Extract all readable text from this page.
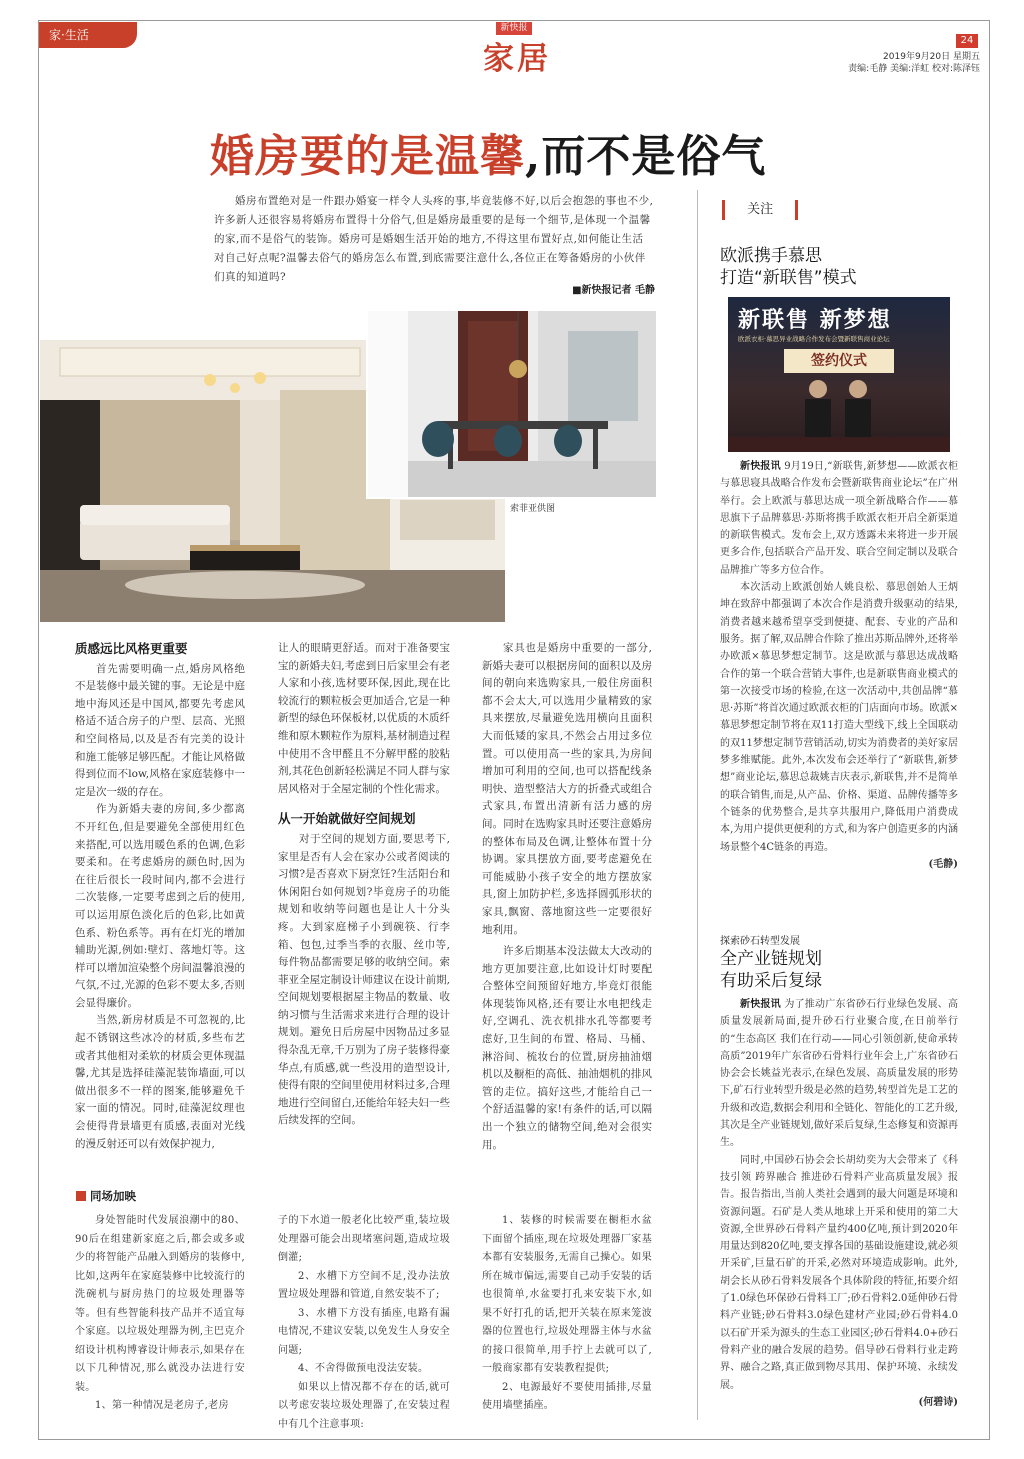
家·生活	新快报
家居
24
2019年9月20日 星期五
责编:毛静 美编:洋虹 校对:陈泽钰
婚房要的是温馨,而不是俗气
婚房布置绝对是一件跟办婚宴一样令人头疼的事,毕竟装修不好,以后会抱怨的事也不少,许多新人还很容易将婚房布置得十分俗气,但是婚房最重要的是每一个细节,是体现一个温馨的家,而不是俗气的装饰。婚房可是婚姻生活开始的地方,不得这里布置好点,如何能让生活对自己好点呢?温馨去俗气的婚房怎么布置,到底需要注意什么,各位正在筹备婚房的小伙伴们真的知道吗?
■新快报记者 毛静
索菲亚供图
质感远比风格更重要

首先需要明确一点,婚房风格绝不是装修中最关键的事。无论是中庭地中海风还是中国风,都要先考虑风格适不适合房子的户型、层高、光照和空间格局,以及是否有完美的设计和施工能够足够匹配。才能让风格做得到位而不low,风格在家庭装修中一定是次一级的存在。

作为新婚夫妻的房间,多少都离不开红色,但是要避免全部使用红色来搭配,可以选用暖色系的色调,色彩要柔和。在考虑婚房的颜色时,因为在往后很长一段时间内,都不会进行二次装修,一定要考虑到之后的使用,可以运用原色淡化后的色彩,比如黄色系、粉色系等。再有在灯光的增加辅助光源,例如:壁灯、落地灯等。这样可以增加渲染整个房间温馨浪漫的气氛,不过,光源的色彩不要太多,否则会显得廉价。

当然,新房材质是不可忽视的,比起不锈钢这些冰冷的材质,多些布艺或者其他相对柔软的材质会更体现温馨,尤其是选择硅藻泥装饰墙面,可以做出很多不一样的图案,能够避免千家一面的情况。同时,硅藻泥纹理也会使得背景墙更有质感,表面对光线的漫反射还可以有效保护视力,

让人的眼睛更舒适。而对于准备要宝宝的新婚夫妇,考虑到日后家里会有老人家和小孩,选材要环保,因此,现在比较流行的颗粒板会更加适合,它是一种新型的绿色环保板材,以优质的木质纤维和原木颗粒作为原料,基材制造过程中使用不含甲醛且不分解甲醛的胶粘剂,其花色创新轻松满足不同人群与家居风格对于全屋定制的个性化需求。

从一开始就做好空间规划

对于空间的规划方面,要思考下,家里是否有人会在家办公或者阅读的习惯?是否喜欢下厨烹饪?生活阳台和休闲阳台如何规划?毕竟房子的功能规划和收纳等问题也是让人十分头疼。大到家庭梯子小到碗筷、行李箱、包包,过季当季的衣服、丝巾等,每件物品都需要足够的收纳空间。索菲亚全屋定制设计师建议在设计前期,空间规划要根据屋主物品的数量、收纳习惯与生活需求来进行合理的设计规划。避免日后房屋中因物品过多显得杂乱无章,千万别为了房子装修得豪华点,有质感,就一些没用的造型设计,使得有限的空间里使用材料过多,合理地进行空间留白,还能给年轻夫妇一些后续发挥的空间。

家具也是婚房中重要的一部分,新婚夫妻可以根据房间的面积以及房间的朝向来选购家具,一般住房面积都不会太大,可以选用少量精致的家具来摆放,尽量避免选用横向且面积大而低矮的家具,不然会占用过多位置。可以使用高一些的家具,为房间增加可利用的空间,也可以搭配线条明快、造型整洁大方的折叠式或组合式家具,布置出清新有活力感的房间。同时在选购家具时还要注意婚房的整体布局及色调,让整体布置十分协调。家具摆放方面,要考虑避免在可能威胁小孩子安全的地方摆放家具,窗上加防护栏,多选择圆弧形状的家具,飘窗、落地窗这些一定要很好地利用。

许多后期基本没法做太大改动的地方更加要注意,比如设计灯时要配合整体空间预留好地方,毕竟灯很能体现装饰风格,还有要让水电把线走好,空调孔、洗衣机排水孔等都要考虑好,卫生间的布置、格局、马桶、淋浴间、梳妆台的位置,厨房抽油烟机以及橱柜的高低、抽油烟机的排风管的走位。搞好这些,才能给自己一个舒适温馨的家!有条件的话,可以隔出一个独立的储物空间,绝对会很实用。

同场加映

身处智能时代发展浪潮中的80、90后在组建新家庭之后,都会或多或少的将智能产品融入到婚房的装修中,比如,这两年在家庭装修中比较流行的洗碗机与厨房热门的垃圾处理器等等。但有些智能科技产品并不适宜每个家庭。以垃圾处理器为例,主巴克介绍设计机构博睿设计师表示,如果存在以下几种情况,那么就没办法进行安装。

1、第一种情况是老房子,老房

子的下水道一般老化比较严重,装垃圾处理器可能会出现堵塞问题,造成垃圾倒灌;

2、水槽下方空间不足,没办法放置垃圾处理器和管道,自然安装不了;

3、水槽下方没有插座,电路有漏电情况,不建议安装,以免发生人身安全问题;

4、不舍得做预电没法安装。

如果以上情况都不存在的话,就可以考虑安装垃圾处理器了,在安装过程中有几个注意事项:

1、装修的时候需要在橱柜水盆下面留个插座,现在垃圾处理器厂家基本都有安装服务,无需自己操心。如果所在城市偏远,需要自己动手安装的话也很简单,水盆要打孔来安装下水,如果不好打孔的话,把开关装在原来笼波器的位置也行,垃圾处理器主体与水盆的接口很简单,用手拧上去就可以了,一般商家都有安装教程提供;

2、电源最好不要使用插排,尽量使用墙壁插座。

关注
欧派携手慕思
打造“新联售”模式
新联售 新梦想
欧派衣柜·慕思异业战略合作发布会暨新联售商业论坛
签约仪式

新快报讯 9月19日,“新联售,新梦想——欧派衣柜与慕思寝具战略合作发布会暨新联售商业论坛”在广州举行。会上欧派与慕思达成一项全新战略合作——慕思旗下子品牌慕思·苏斯将携手欧派衣柜开启全新渠道的新联售模式。发布会上,双方透露未来将进一步开展更多合作,包括联合产品开发、联合空间定制以及联合品牌推广等多方位合作。

本次活动上欧派创始人姚良松、慕思创始人王炳坤在致辞中都强调了本次合作是消费升级驱动的结果,消费者越来越希望享受到便捷、配套、专业的产品和服务。据了解,双品牌合作除了推出苏斯品牌外,还将举办欧派×慕思梦想定制节。这是欧派与慕思达成战略合作的第一个联合营销大事件,也是新联售商业模式的第一次接受市场的检验,在这一次活动中,共创品牌“慕思·苏斯”将首次通过欧派衣柜的门店面向市场。欧派×慕思梦想定制节将在双11打造大型线下,线上全国联动的双11梦想定制节营销活动,切实为消费者的美好家居梦多维赋能。此外,本次发布会还举行了“新联售,新梦想”商业论坛,慕思总裁姚吉庆表示,新联售,并不是简单的联合销售,而是,从产品、价格、渠道、品牌传播等多个链条的优势整合,是共享共服用户,降低用户消费成本,为用户提供更便利的方式,和为客户创造更多的内涵场景整个4C链条的再造。

(毛静)
探索砂石转型发展
全产业链规划
有助采后复绿

新快报讯 为了推动广东省砂石行业绿色发展、高质量发展新局面,提升砂石行业聚合度,在日前举行的“生态高区 我们在行动——同心引领创新,使命承转高质”2019年广东省砂石骨料行业年会上,广东省砂石协会会长姚益光表示,在绿色发展、高质量发展的形势下,矿石行业转型升级是必然的趋势,转型首先是工艺的升级和改造,数据会利用和全链化、智能化的工艺升级,其次是全产业链规划,做好采后复绿,生态修复和资源再生。

同时,中国砂石协会会长胡幼奕为大会带来了《科技引领 跨界融合 推进砂石骨料产业高质量发展》报告。报告指出,当前人类社会遇到的最大问题是环境和资源问题。石矿是人类从地球上开采和使用的第二大资源,全世界砂石骨料产量约400亿吨,预计到2020年用量达到820亿吨,要支撑各国的基础设施建设,就必须开采矿,巨量石矿的开采,必然对环境造成影响。此外,胡会长从砂石骨料发展各个具体阶段的特征,拓要介绍了1.0绿色环保砂石骨料工厂;砂石骨料2.0延伸砂石骨料产业链;砂石骨料3.0绿色建材产业园;砂石骨料4.0以石矿开采为源头的生态工业园区;砂石骨料4.0+砂石骨料产业的融合发展的趋势。倡导砂石骨料行业走跨界、融合之路,真正做到物尽其用、保护环境、永续发展。

(何碧诗)
